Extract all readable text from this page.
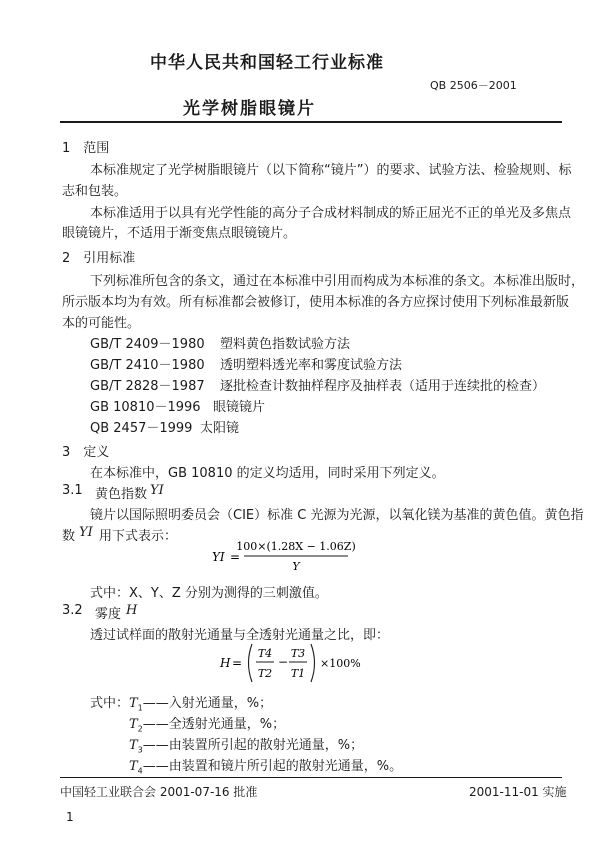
中华人民共和国轻工行业标准
QB 2506－2001
光学树脂眼镜片
1　范围
本标准规定了光学树脂眼镜片（以下简称“镜片”）的要求、试验方法、检验规则、标
志和包装。
本标准适用于以具有光学性能的高分子合成材料制成的矫正屈光不正的单光及多焦点
眼镜镜片，不适用于渐变焦点眼镜镜片。
2　引用标准
下列标准所包含的条文，通过在本标准中引用而构成为本标准的条文。本标准出版时，
所示版本均为有效。所有标准都会被修订，使用本标准的各方应探讨使用下列标准最新版
本的可能性。
GB/T 2409－1980 塑料黄色指数试验方法
GB/T 2410－1980 透明塑料透光率和雾度试验方法
GB/T 2828－1987 逐批检查计数抽样程序及抽样表（适用于连续批的检查）
GB 10810－1996 眼镜镜片
QB 2457－1999 太阳镜
3　定义
在本标准中，GB 10810 的定义均适用，同时采用下列定义。
3.1 黄色指数 YI
镜片以国际照明委员会（CIE）标准 C 光源为光源，以氧化镁为基准的黄色值。黄色指
数 YI 用下式表示：
YI =
100×(1.28X − 1.06Z)
Y
式中：X、Y、Z 分别为测得的三刺激值。
3.2 雾度 H
透过试样面的散射光通量与全透射光通量之比，即：
H =
T4
T2
−
T3
T1
×100%
式中： $T_1——$入射光通量，%；
$T_2——$全透射光通量，%；
$T_3——$由装置所引起的散射光通量，%；
$T_4——$由装置和镜片所引起的散射光通量，%。
中国轻工业联合会 2001-07-16 批准	2001-11-01 实施
1
